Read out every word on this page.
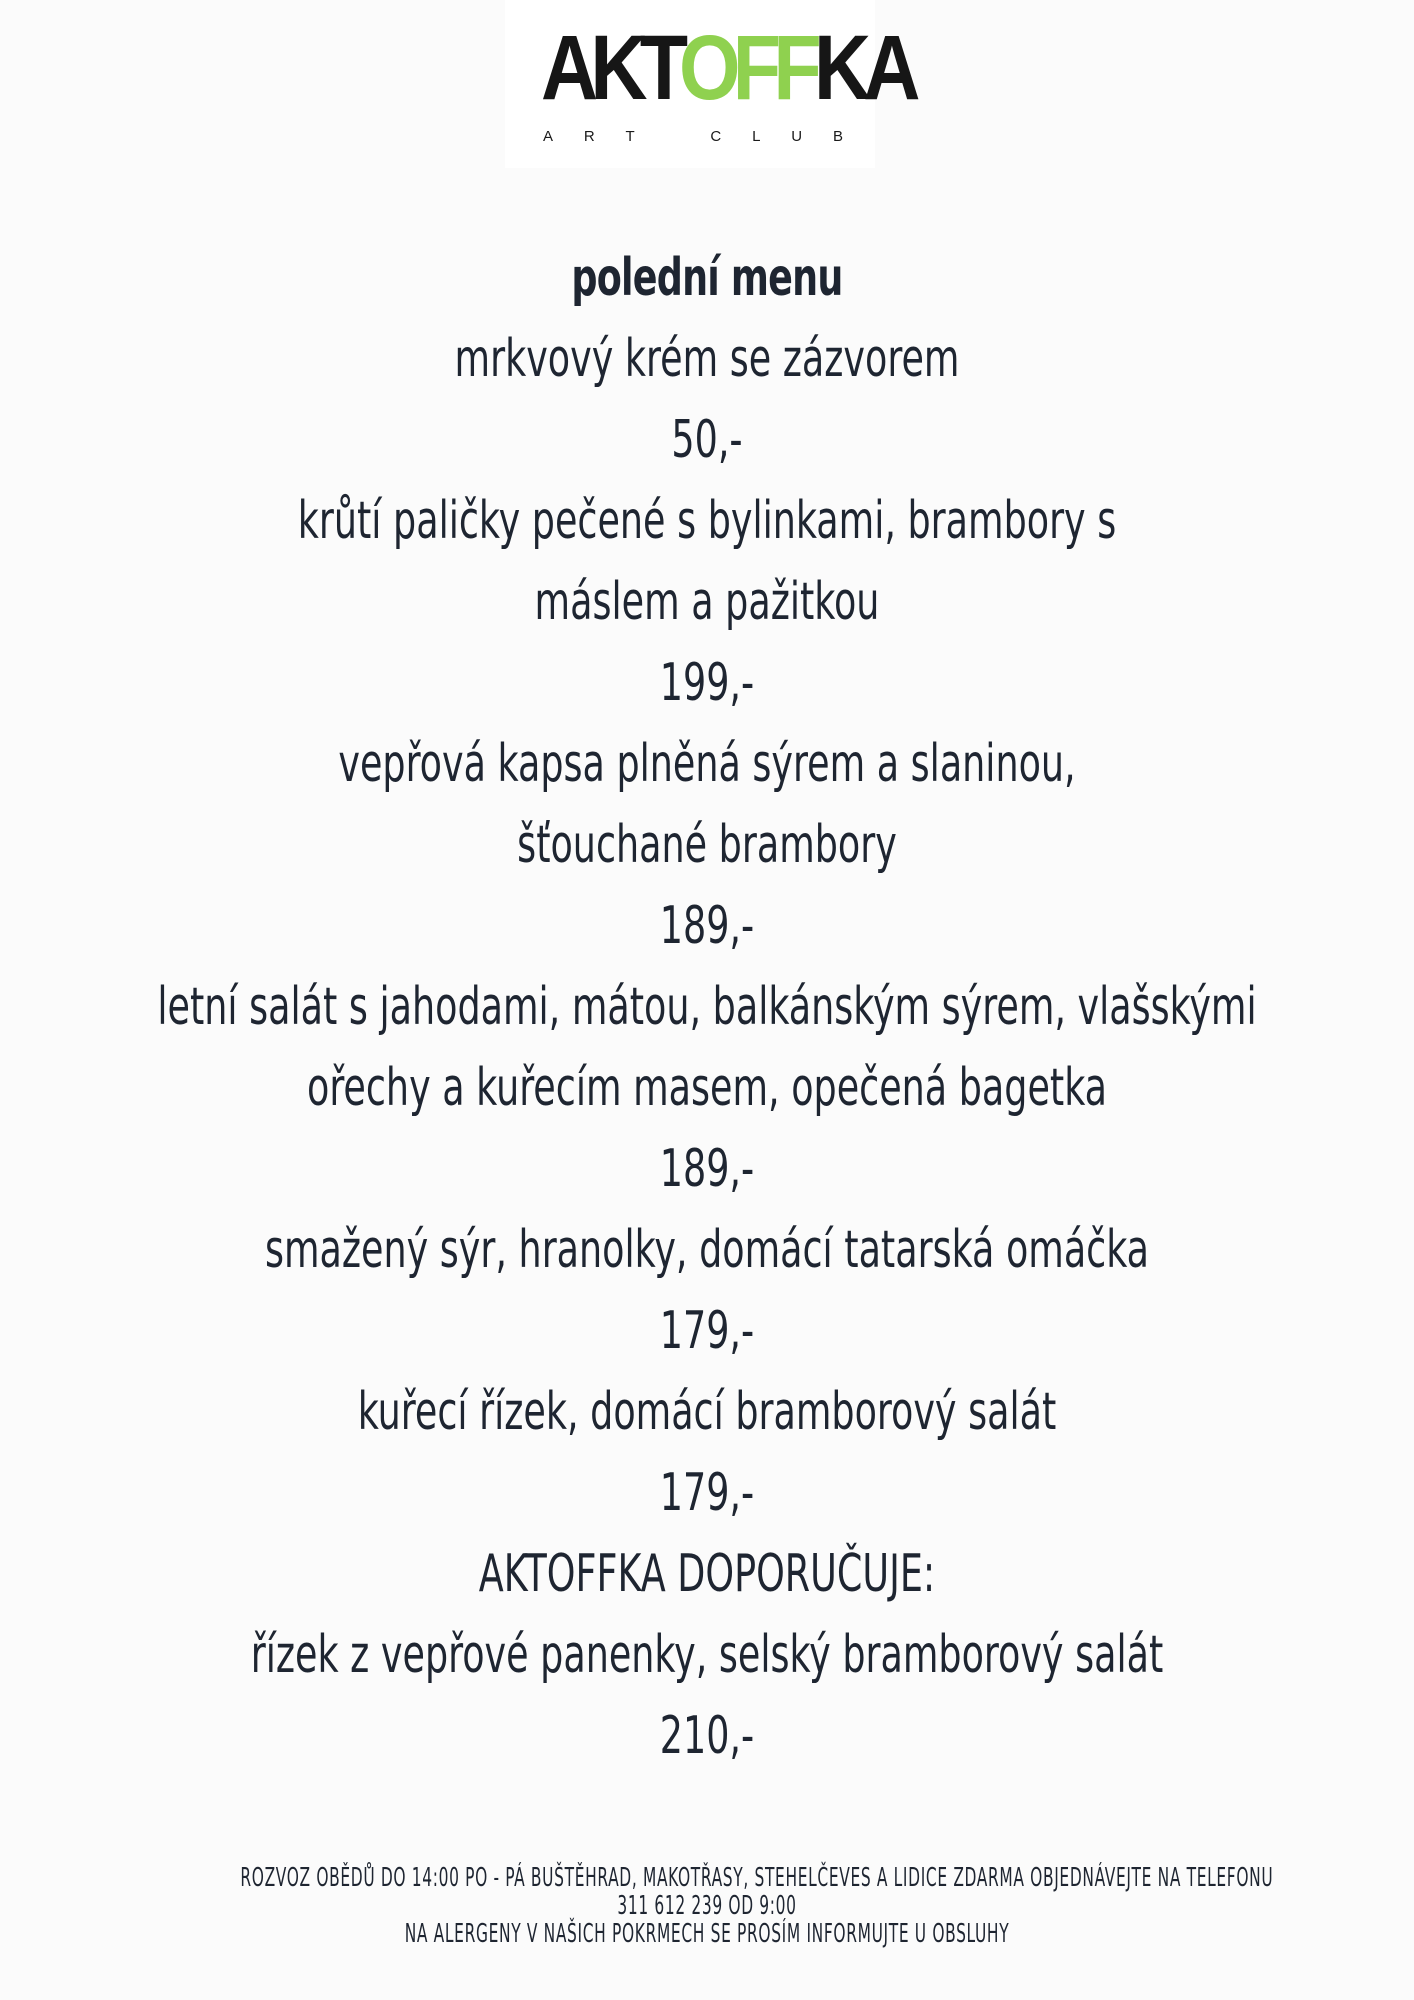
AKTOFFKA
A R T	C L U B
polední menu
mrkvový krém se zázvorem
50,-
krůtí paličky pečené s bylinkami, brambory s
máslem a pažitkou
199,-
vepřová kapsa plněná sýrem a slaninou,
šťouchané brambory
189,-
letní salát s jahodami, mátou, balkánským sýrem, vlašskými
ořechy a kuřecím masem, opečená bagetka
189,-
smažený sýr, hranolky, domácí tatarská omáčka
179,-
kuřecí řízek, domácí bramborový salát
179,-
AKTOFFKA DOPORUČUJE:
řízek z vepřové panenky, selský bramborový salát
210,-
ROZVOZ OBĚDŮ DO 14:00 PO - PÁ BUŠTĚHRAD, MAKOTŘASY, STEHELČEVES A LIDICE ZDARMA OBJEDNÁVEJTE NA TELEFONU
311 612 239 OD 9:00
NA ALERGENY V NAŠICH POKRMECH SE PROSÍM INFORMUJTE U OBSLUHY
